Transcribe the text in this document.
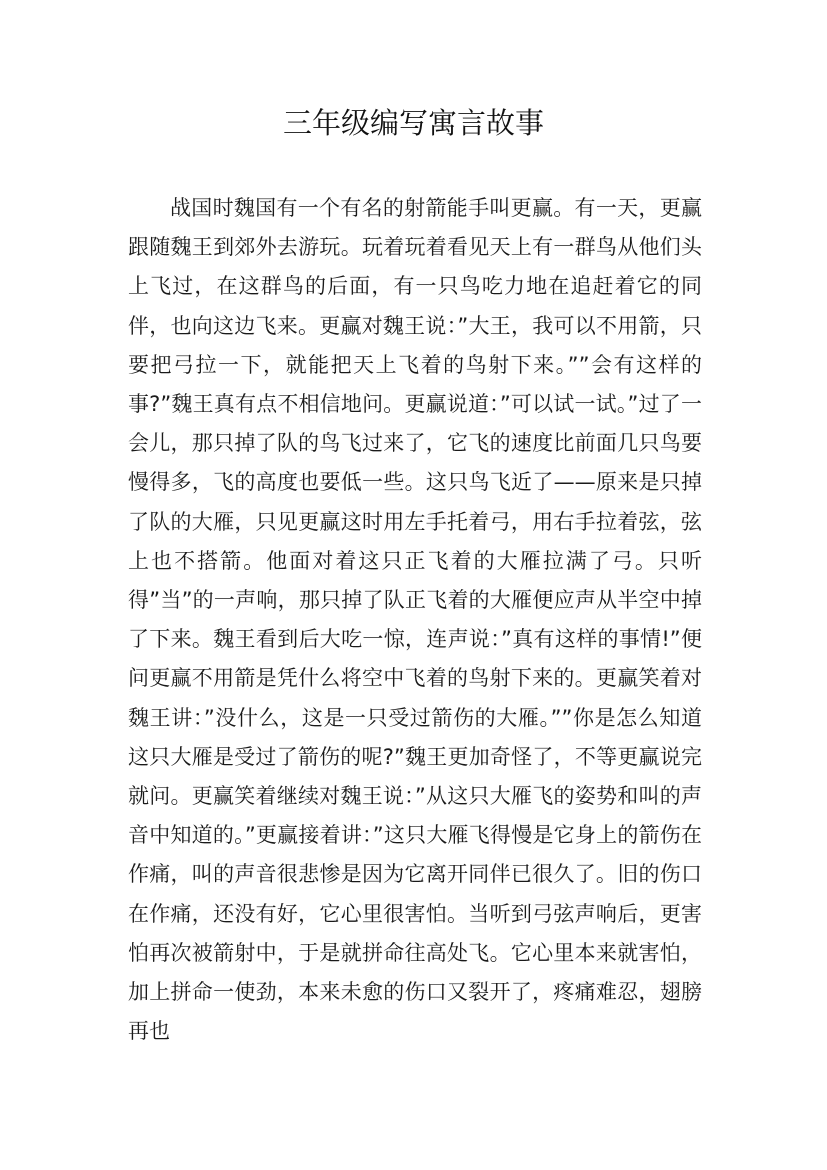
三年级编写寓言故事

战国时魏国有一个有名的射箭能手叫更赢。有一天，更赢跟随魏王到郊外去游玩。玩着玩着看见天上有一群鸟从他们头上飞过，在这群鸟的后面，有一只鸟吃力地在追赶着它的同伴，也向这边飞来。更赢对魏王说：”大王，我可以不用箭，只要把弓拉一下，就能把天上飞着的鸟射下来。””会有这样的事?”魏王真有点不相信地问。更赢说道：”可以试一试。”过了一会儿，那只掉了队的鸟飞过来了，它飞的速度比前面几只鸟要慢得多，飞的高度也要低一些。这只鸟飞近了——原来是只掉了队的大雁，只见更赢这时用左手托着弓，用右手拉着弦，弦上也不搭箭。他面对着这只正飞着的大雁拉满了弓。只听得”当”的一声响，那只掉了队正飞着的大雁便应声从半空中掉了下来。魏王看到后大吃一惊，连声说：”真有这样的事情!”便问更赢不用箭是凭什么将空中飞着的鸟射下来的。更赢笑着对魏王讲：”没什么，这是一只受过箭伤的大雁。””你是怎么知道这只大雁是受过了箭伤的呢?”魏王更加奇怪了，不等更赢说完就问。更赢笑着继续对魏王说：”从这只大雁飞的姿势和叫的声音中知道的。”更赢接着讲：”这只大雁飞得慢是它身上的箭伤在作痛，叫的声音很悲惨是因为它离开同伴已很久了。旧的伤口在作痛，还没有好，它心里很害怕。当听到弓弦声响后，更害怕再次被箭射中，于是就拼命往高处飞。它心里本来就害怕，加上拼命一使劲，本来未愈的伤口又裂开了，疼痛难忍，翅膀再也
